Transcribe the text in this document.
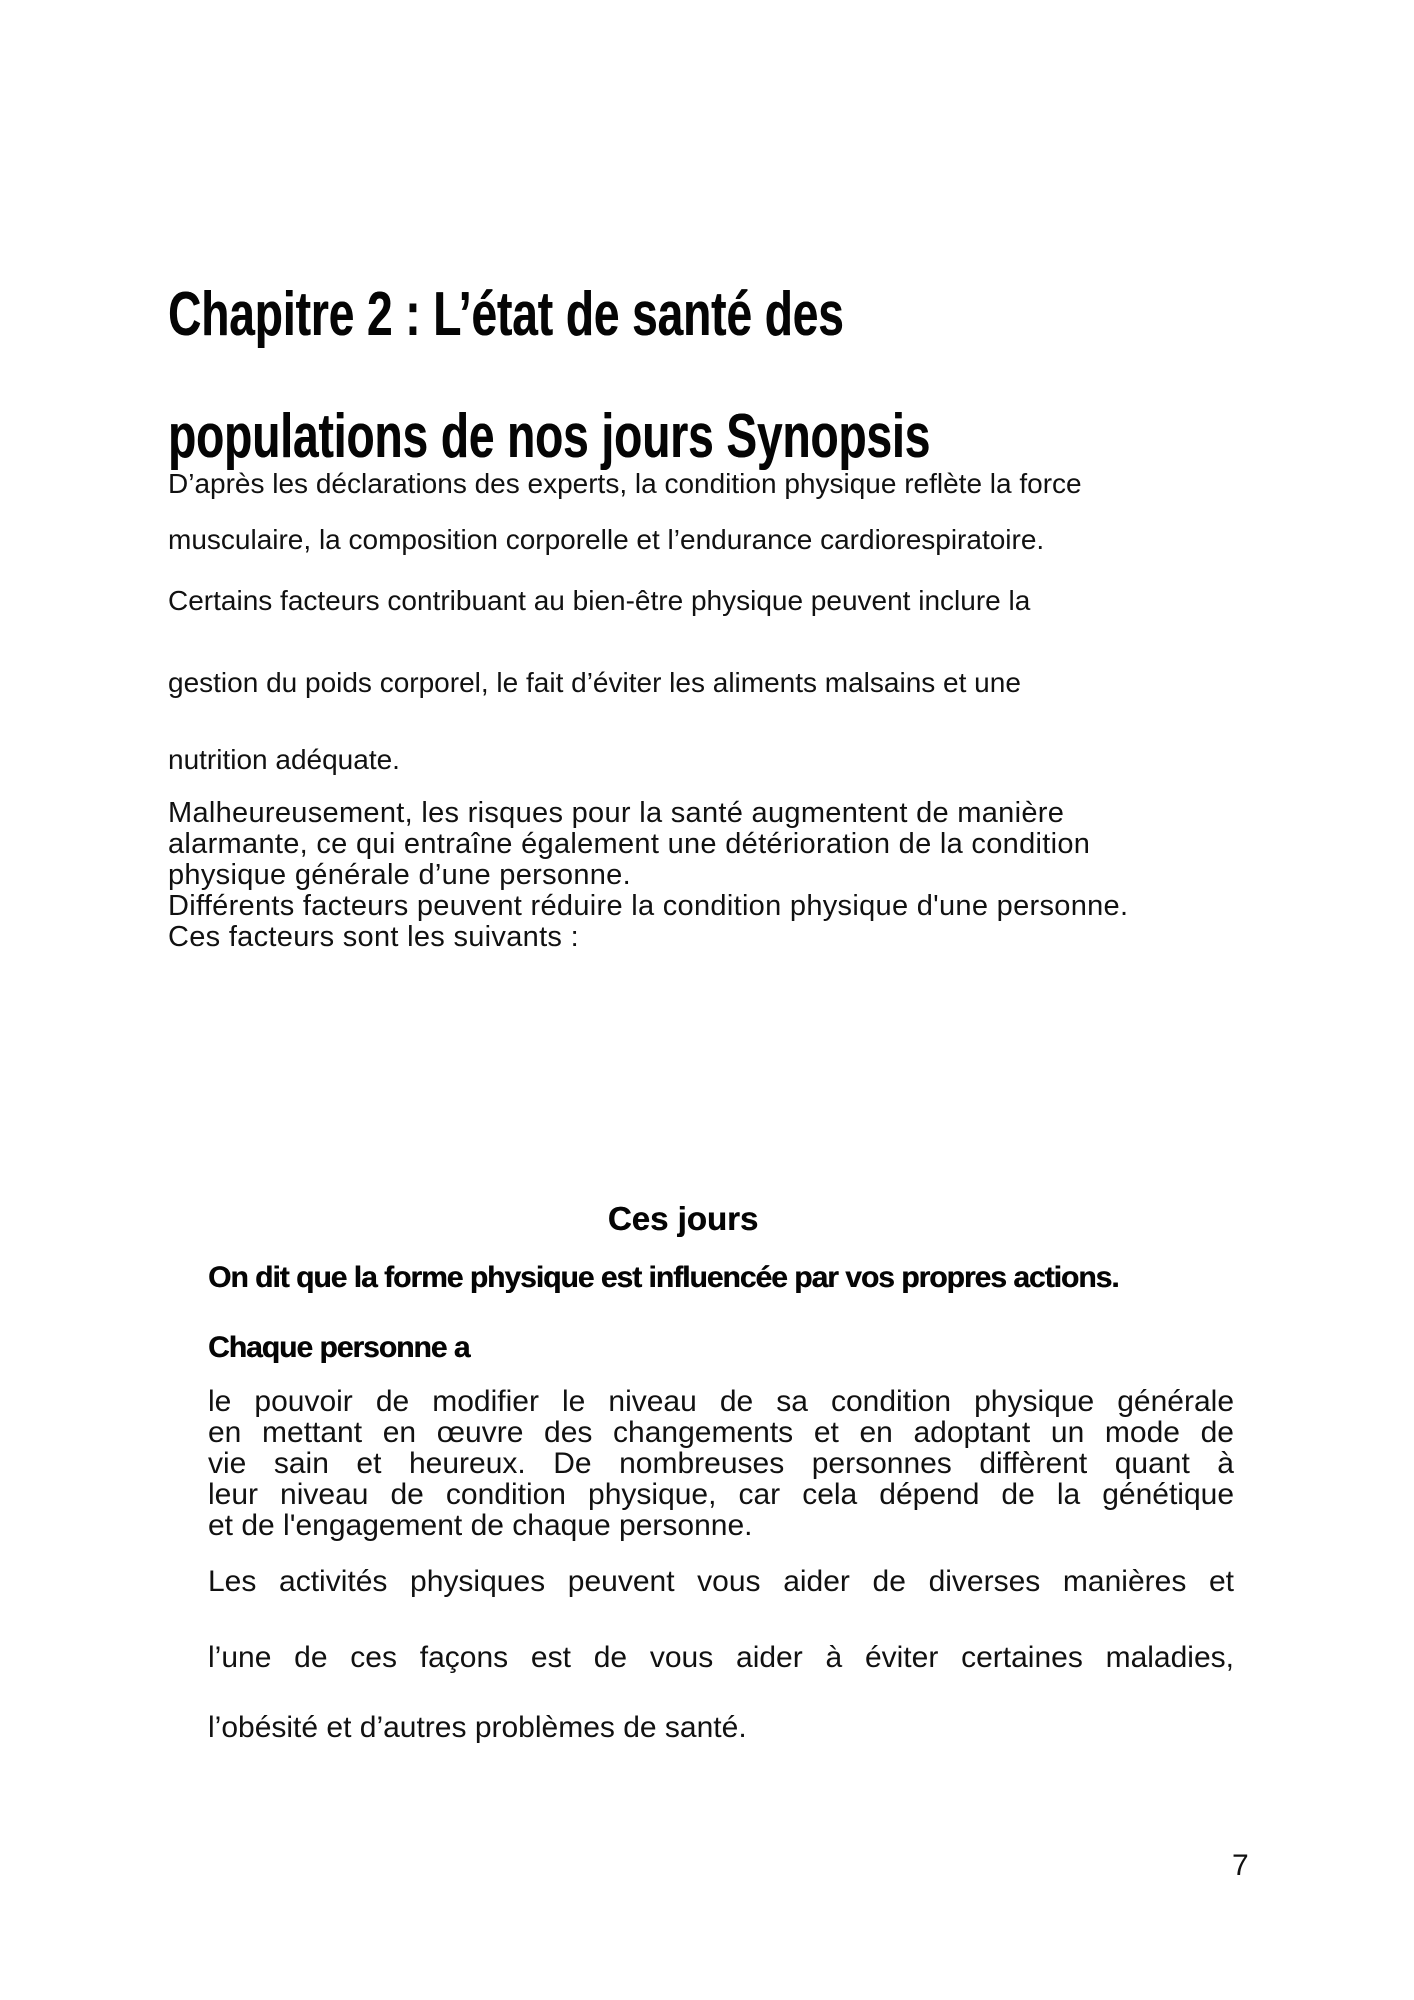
Chapitre 2 : L’état de santé des
populations de nos jours Synopsis
D’après les déclarations des experts, la condition physique reflète la force
musculaire, la composition corporelle et l’endurance cardiorespiratoire.
Certains facteurs contribuant au bien-être physique peuvent inclure la
gestion du poids corporel, le fait d’éviter les aliments malsains et une
nutrition adéquate.
Malheureusement, les risques pour la santé augmentent de manière
alarmante, ce qui entraîne également une détérioration de la condition
physique générale d’une personne.
Différents facteurs peuvent réduire la condition physique d'une personne.
Ces facteurs sont les suivants :
Ces jours
On dit que la forme physique est influencée par vos propres actions.
Chaque personne a
le pouvoir de modifier le niveau de sa condition physique générale
en mettant en œuvre des changements et en adoptant un mode de
vie sain et heureux. De nombreuses personnes diffèrent quant à
leur niveau de condition physique, car cela dépend de la génétique
et de l'engagement de chaque personne.
Les activités physiques peuvent vous aider de diverses manières et
l’une de ces façons est de vous aider à éviter certaines maladies,
l’obésité et d’autres problèmes de santé.
7
